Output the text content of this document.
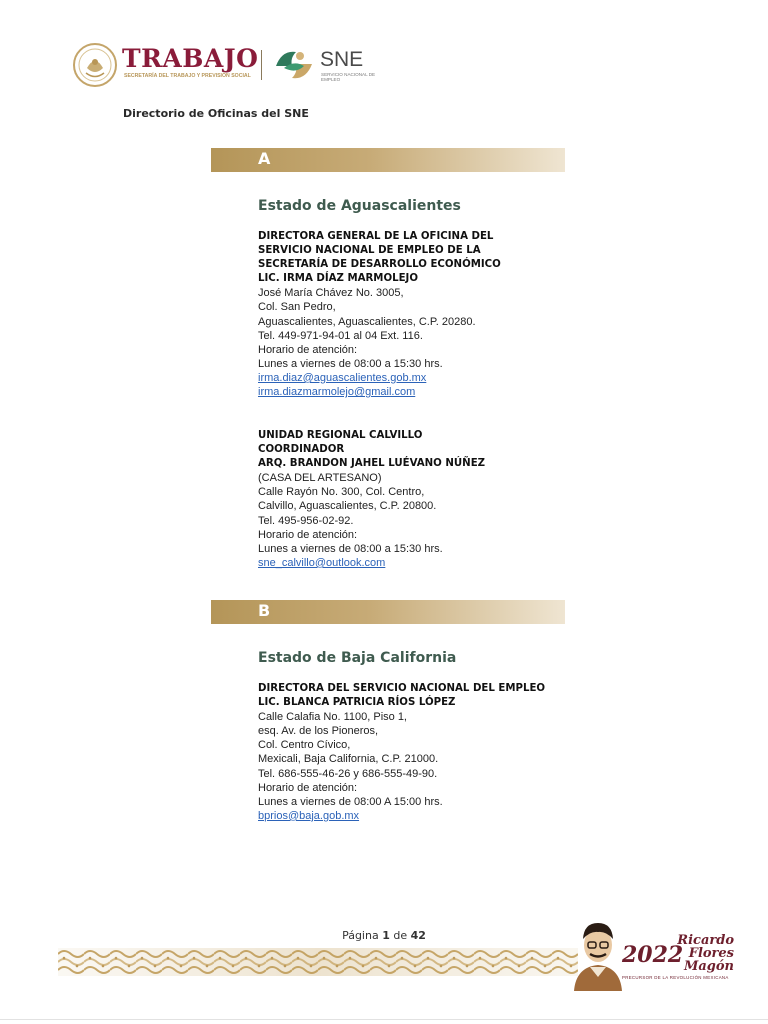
TRABAJO
SECRETARÍA DEL TRABAJO Y PREVISIÓN SOCIAL
SNE
SERVICIO NACIONAL DE EMPLEO
Directorio de Oficinas del SNE
A
Estado de Aguascalientes
DIRECTORA GENERAL DE LA OFICINA DEL
SERVICIO NACIONAL DE EMPLEO DE LA
SECRETARÍA DE DESARROLLO ECONÓMICO
LIC. IRMA DÍAZ MARMOLEJO
José María Chávez No. 3005,
Col. San Pedro,
Aguascalientes, Aguascalientes, C.P. 20280.
Tel. 449-971-94-01 al 04 Ext. 116.
Horario de atención:
Lunes a viernes de 08:00 a 15:30 hrs.
irma.diaz@aguascalientes.gob.mx
irma.diazmarmolejo@gmail.com
UNIDAD REGIONAL CALVILLO
COORDINADOR
ARQ. BRANDON JAHEL LUÉVANO NÚÑEZ
(CASA DEL ARTESANO)
Calle Rayón No. 300, Col. Centro,
Calvillo, Aguascalientes, C.P. 20800.
Tel. 495-956-02-92.
Horario de atención:
Lunes a viernes de 08:00 a 15:30 hrs.
sne_calvillo@outlook.com
B
Estado de Baja California
DIRECTORA DEL SERVICIO NACIONAL DEL EMPLEO
LIC. BLANCA PATRICIA RÍOS LÓPEZ
Calle Calafia No. 1100, Piso 1,
esq. Av. de los Pioneros,
Col. Centro Cívico,
Mexicali, Baja California, C.P. 21000.
Tel. 686-555-46-26 y 686-555-49-90.
Horario de atención:
Lunes a viernes de 08:00 A 15:00 hrs.
bprios@baja.gob.mx
Página 1 de 42
2022
Ricardo Flores Magón
PRECURSOR DE LA REVOLUCIÓN MEXICANA
